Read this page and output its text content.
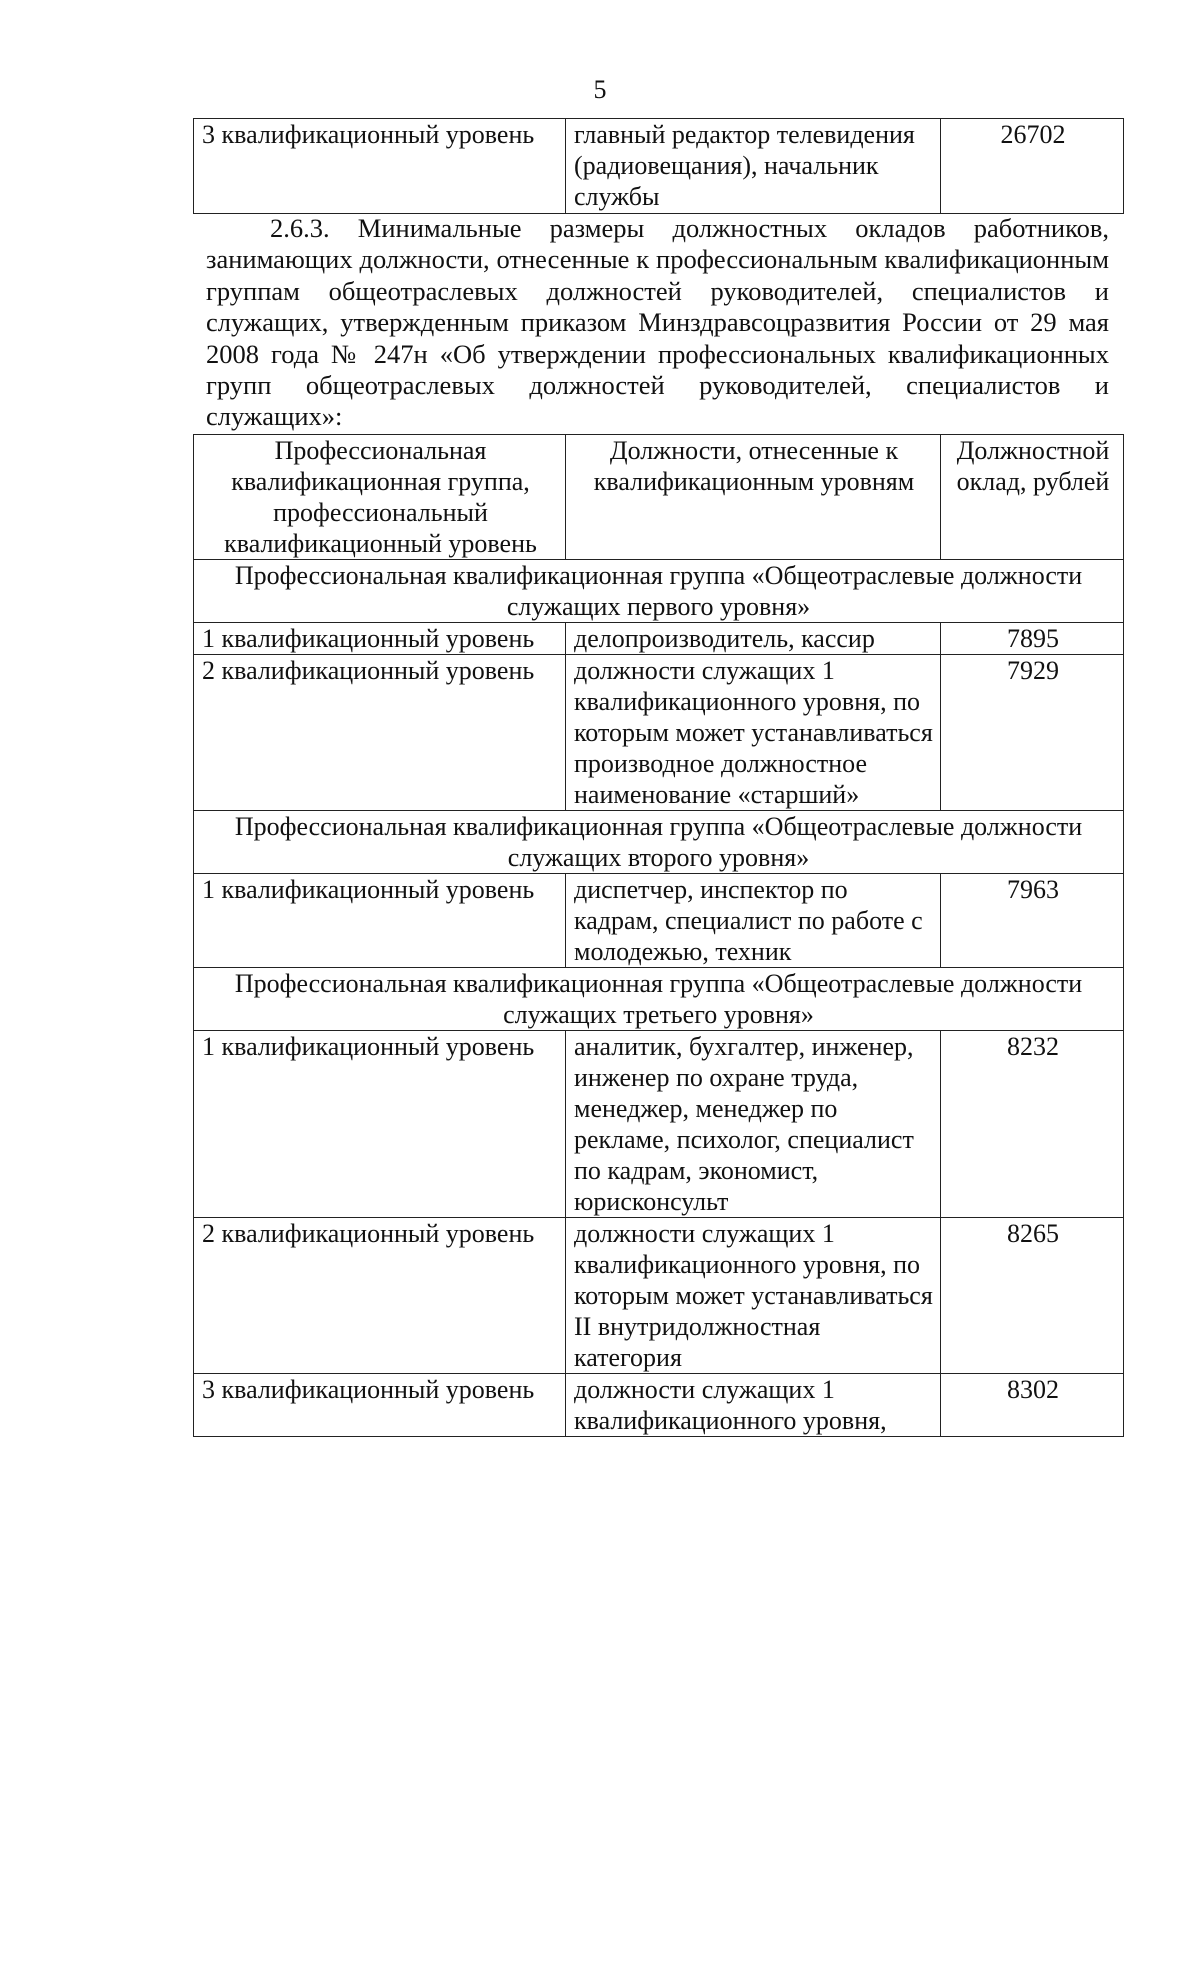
5
3 квалификационный уровень	главный редактор телевидения (радиовещания), начальник службы	26702
2.6.3. Минимальные размеры должностных окладов работников, занимающих должности, отнесенные к профессиональным квалификационным группам общеотраслевых должностей руководителей, специалистов и служащих, утвержденным приказом Минздравсоцразвития России от 29 мая 2008 года № 247н «Об утверждении профессиональных квалификационных групп общеотраслевых должностей руководителей, специалистов и служащих»:
Профессиональная квалификационная группа, профессиональный квалификационный уровень	Должности, отнесенные к квалификационным уровням	Должностной оклад, рублей
Профессиональная квалификационная группа «Общеотраслевые должности служащих первого уровня»		
1 квалификационный уровень	делопроизводитель, кассир	7895
2 квалификационный уровень	должности служащих 1 квалификационного уровня, по которым может устанавливаться производное должностное наименование «старший»	7929
Профессиональная квалификационная группа «Общеотраслевые должности служащих второго уровня»		
1 квалификационный уровень	диспетчер, инспектор по кадрам, специалист по работе с молодежью, техник	7963
Профессиональная квалификационная группа «Общеотраслевые должности служащих третьего уровня»		
1 квалификационный уровень	аналитик, бухгалтер, инженер, инженер по охране труда, менеджер, менеджер по рекламе, психолог, специалист по кадрам, экономист, юрисконсульт	8232
2 квалификационный уровень	должности служащих 1 квалификационного уровня, по которым может устанавливаться II внутридолжностная категория	8265
3 квалификационный уровень	должности служащих 1 квалификационного уровня,	8302
